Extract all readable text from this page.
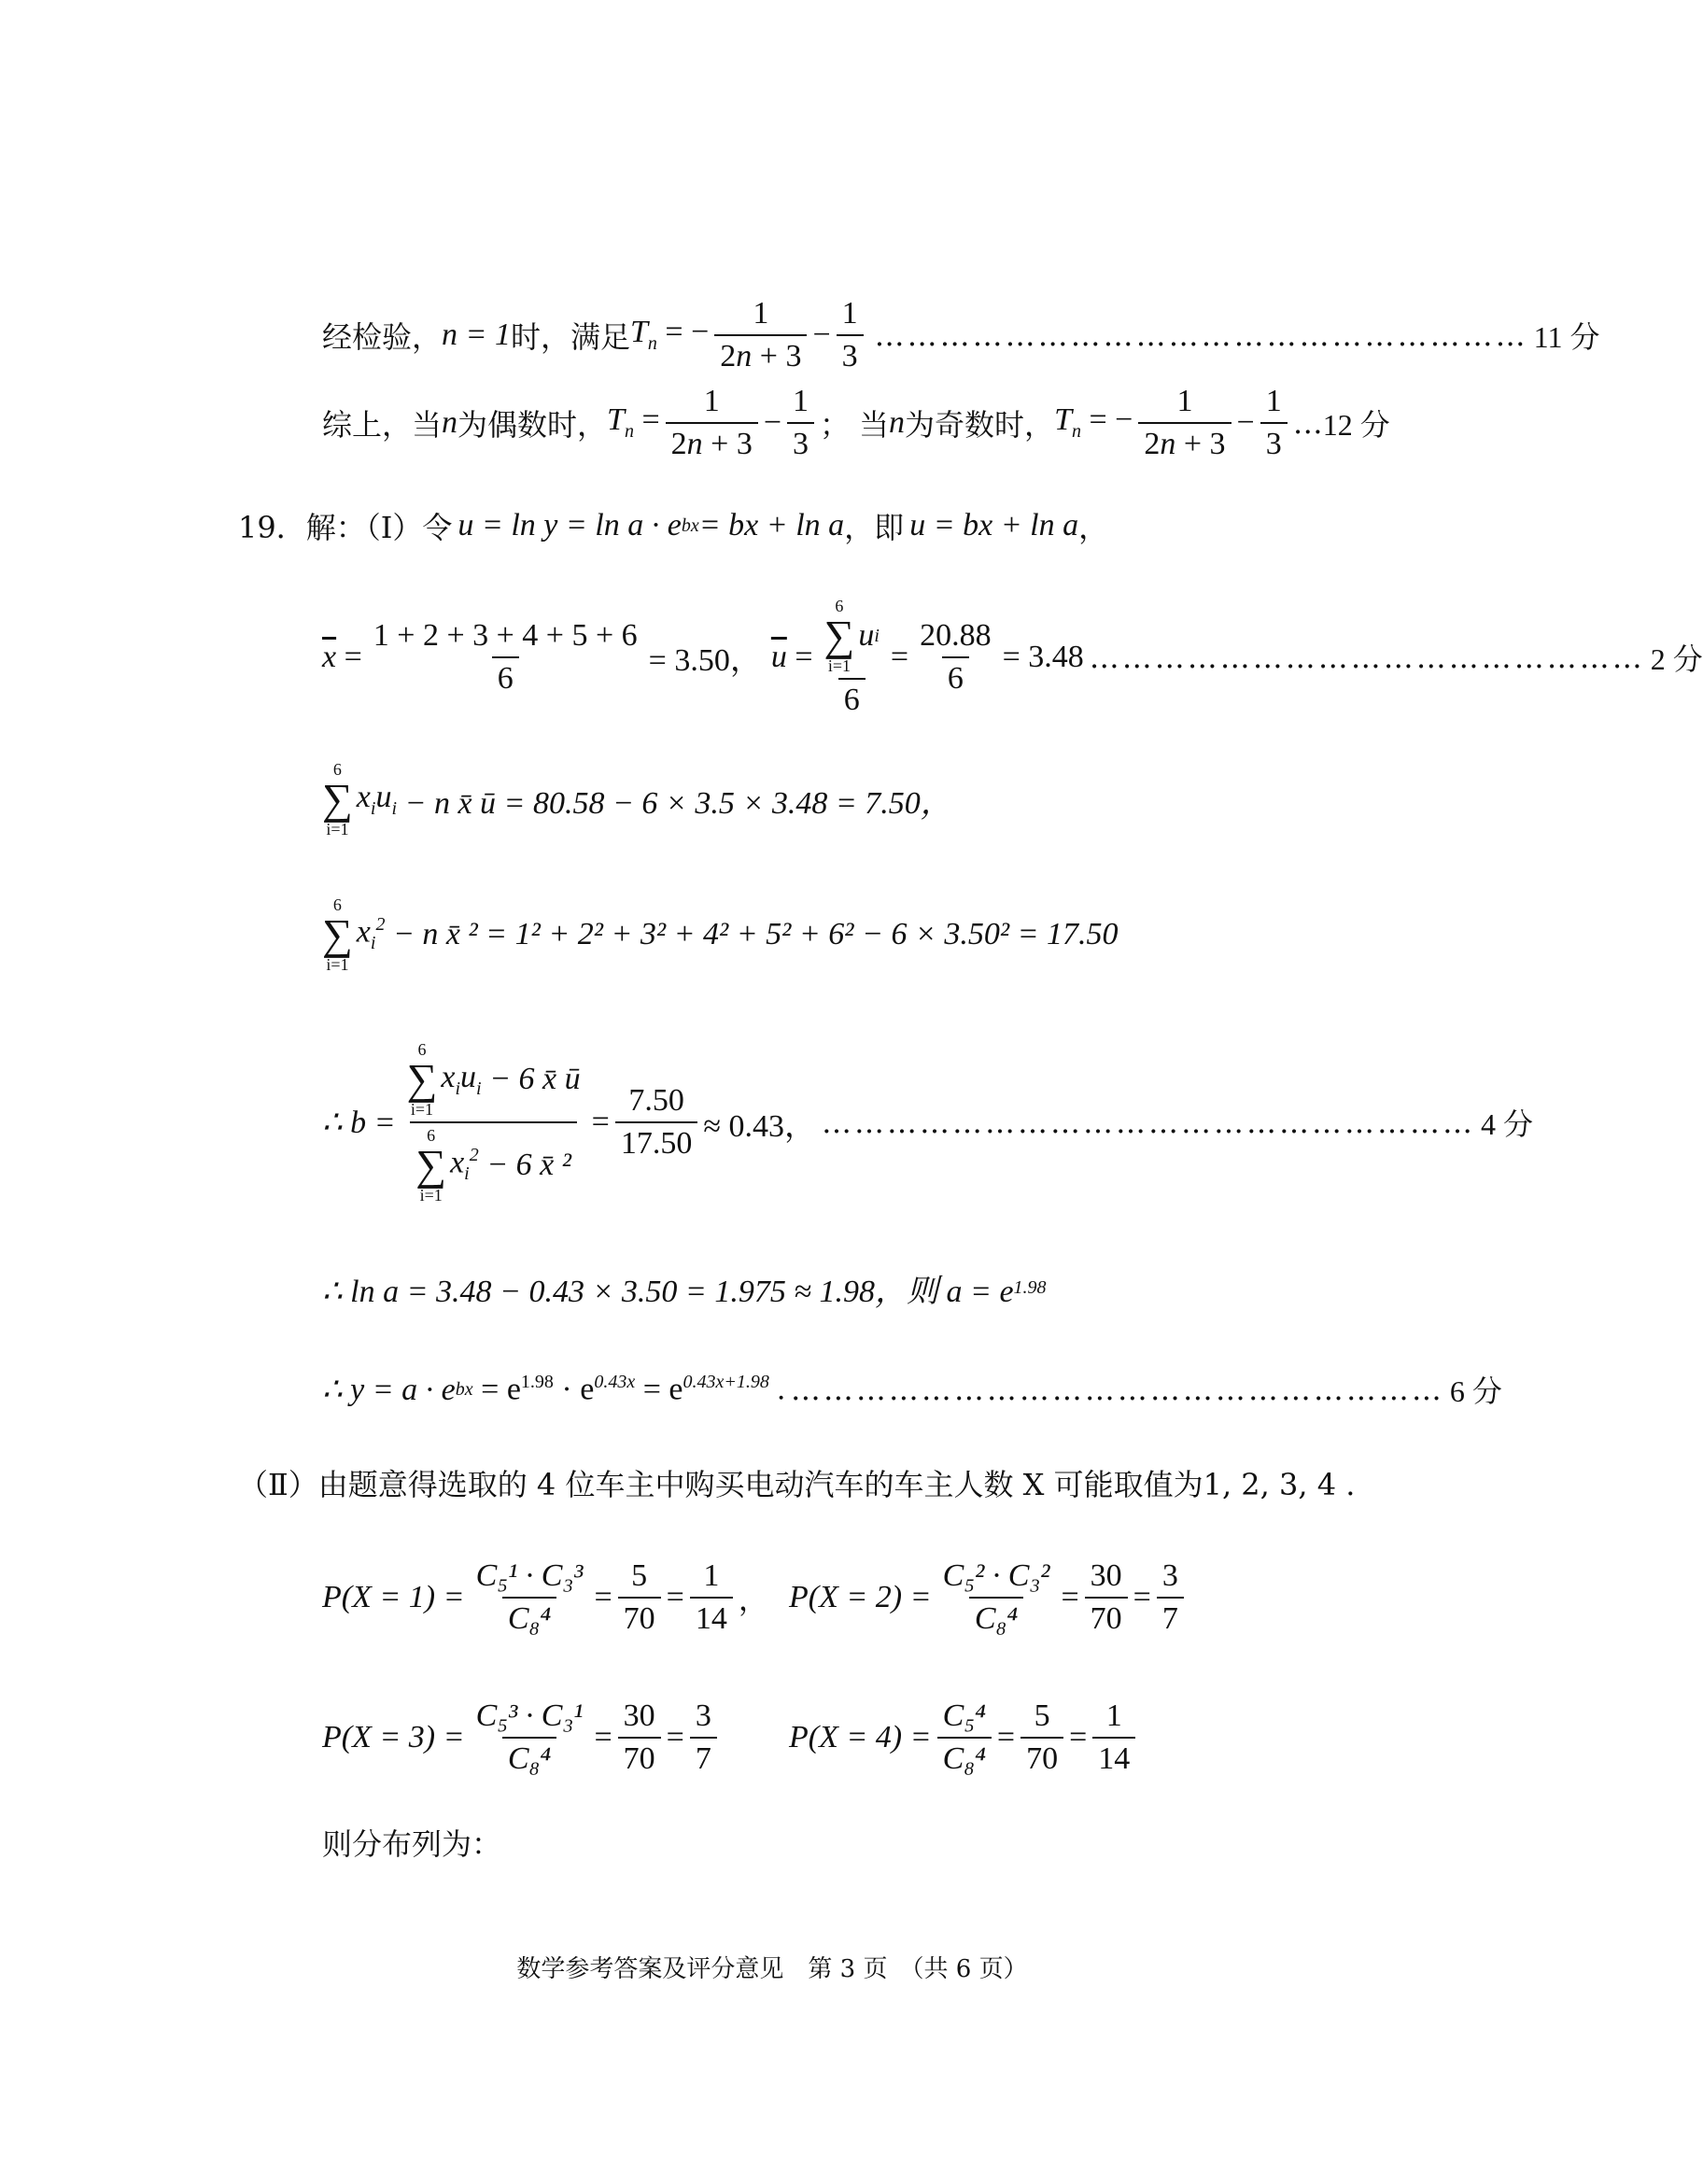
经检验， n = 1 时，满足 $T_n$ = − $\frac{1}{2n + 3} - \frac{1}{3}$ …………………………………………………… 11 分
综上，当 n 为偶数时， $T_n = \frac{1}{2n + 3} - \frac{1}{3}$ ； 当 n 为奇数时， $T_n$ = − $\frac{1}{2n + 3} - \frac{1}{3}$ … 12 分
19．解：（Ⅰ）令 u = ln y = ln a · e bx = bx + ln a ，即 u = bx + ln a ，
$\overline{x} = \frac{1 + 2 + 3 + 4 + 5 + 6}{6} = 3.50$， $\overline{u} = 6$
∑
i=1
u i
$6 = \frac{20.88}{6} = 3.48$ …………………………………………… 2 分
6
∑
i=1
$x_iu_i - n$ x̄ ū = 80.58 − 6 × 3.5 × 3.48 = 7.50，
6
∑
i=1
$x_i^2 - n$ x̄ ² = 1² + 2² + 3² + 4² + 5² + 6² − 6 × 3.50² = 17.50
∴ b = 6
∑
i=1
$x_iu_i - 6$ x̄ ū
6
∑
i=1
$x_i^2 - 6$ x̄ $^2 = \frac{7.50}{17.50} \approx 0.43$， …………………………………………………… 4 分
∴ ln a = 3.48 − 0.43 × 3.50 = 1.975 ≈ 1.98，则 a = e 1.98
∴ y = a · e bx = $e^{1.98} \cdot e^{0.43x} = e^{0.43x+1.98}$ . …………………………………………………… 6 分
（Ⅱ）由题意得选取的 4 位车主中购买电动汽车的车主人数 X 可能取值为1, 2, 3, 4 .
$P(X = 1) = \frac{\text{C₅¹ · C₃³}}{\text{C₈⁴}} = \frac{5}{70} = \frac{1}{14}$ ， $P(X = 2) = \frac{\text{C₅² · C₃²}}{\text{C₈⁴}} = \frac{30}{70} = \frac{3}{7}$
$P(X = 3) = \frac{\text{C₅³ · C₃¹}}{\text{C₈⁴}} = \frac{30}{70} = \frac{3}{7} P(X = 4) = \frac{\text{C₅⁴}}{\text{C₈⁴}} = \frac{5}{70} = \frac{1}{14}$
则分布列为：
数学参考答案及评分意见　第 3 页　（共 6 页）
